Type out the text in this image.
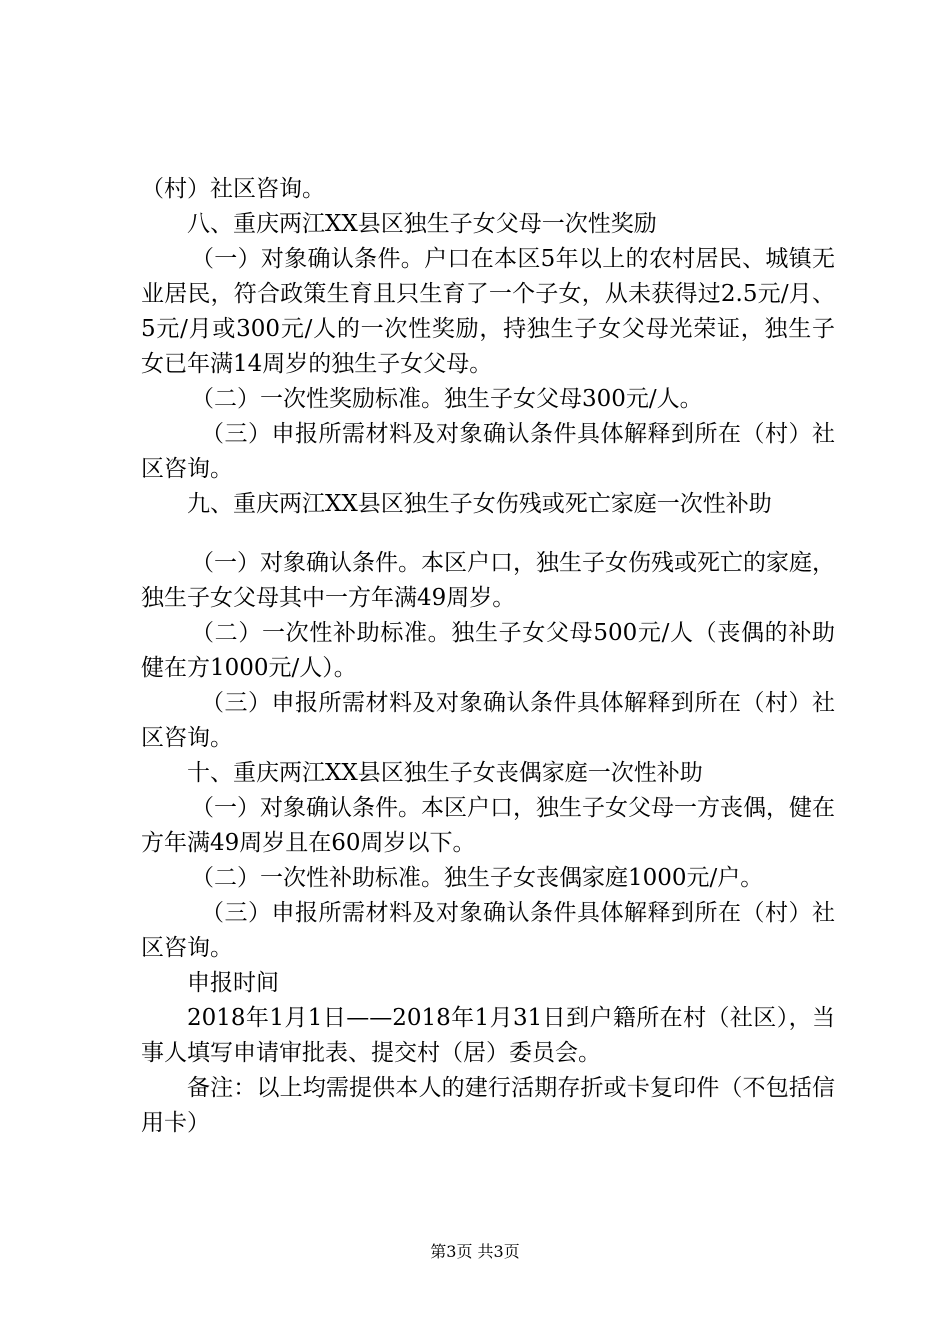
（村）社区咨询。

八、重庆两江XX县区独生子女父母一次性奖励

（一）对象确认条件。户口在本区5年以上的农村居民、城镇无业居民，符合政策生育且只生育了一个子女，从未获得过2.5元/月、5元/月或300元/人的一次性奖励，持独生子女父母光荣证，独生子女已年满14周岁的独生子女父母。

（二）一次性奖励标准。独生子女父母300元/人。

（三）申报所需材料及对象确认条件具体解释到所在（村）社区咨询。

九、重庆两江XX县区独生子女伤残或死亡家庭一次性补助

（一）对象确认条件。本区户口，独生子女伤残或死亡的家庭，独生子女父母其中一方年满49周岁。

（二）一次性补助标准。独生子女父母500元/人（丧偶的补助健在方1000元/人）。

（三）申报所需材料及对象确认条件具体解释到所在（村）社区咨询。

十、重庆两江XX县区独生子女丧偶家庭一次性补助

（一）对象确认条件。本区户口，独生子女父母一方丧偶，健在方年满49周岁且在60周岁以下。

（二）一次性补助标准。独生子女丧偶家庭1000元/户。

（三）申报所需材料及对象确认条件具体解释到所在（村）社区咨询。

申报时间

2018年1月1日——2018年1月31日到户籍所在村（社区），当事人填写申请审批表、提交村（居）委员会。

备注：以上均需提供本人的建行活期存折或卡复印件（不包括信用卡）

第3页 共3页
